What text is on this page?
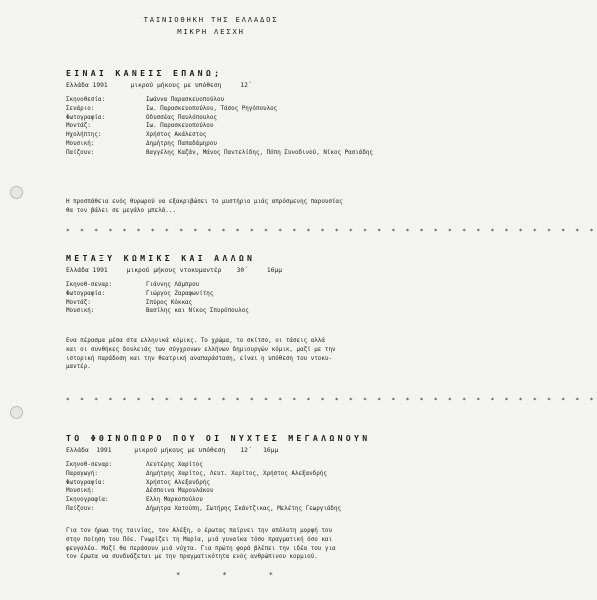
ΤΑΙΝΙΟΘΗΚΗ ΤΗΣ ΕΛΛΑΔΟΣ
ΜΙΚΡΗ ΛΕΣΧΗ
ΕΙΝΑΙ ΚΑΝΕΙΣ ΕΠΑΝΩ;
Ελλάδα 1991      μικρού μήκους με υπόθεση     12΄
Σκηνοθεσία:	Ιωάννα Παρασκευοπούλου
Σενάριο:	Ιω. Παρασκευοπούλου, Τάσος Ρηγόπουλος
Φωτογραφία:	Οδυσσέας Παυλόπουλος
Μοντάζ:	Ιω. Παρασκευοπούλου
Ηχολήπτης:	Χρήστος Ακάλεστος
Μουσική:	Δημήτρης Παπαδάμηρου
Παίζουν:	Βαγγέλης Καζάν, Μάνος Παντελίδης, Πόπη Συνοδινού, Νίκος Ρασιάδης
Η προσπάθεια ενός θυρωρού να εξακριβώσει το μυστήριο μιάς απρόσμενης παρουσίας
θα τον βάλει σε μεγάλο μπελά...
* * * * * * * * * * * * * * * * * * * * * * * * * * * * * * * * * * * * * *
ΜΕΤΑΞΥ ΚΩΜΙΚΣ ΚΑΙ ΑΛΛΩΝ
Ελλάδα 1991     μικρού μήκους ντοκυμαντέρ    30΄     16μμ
Σκηνοθ-σεναρ:	Γιάννης Λάμπρου
Φωτογραφία:	Γιώργος Ζαραφωνίτης
Μοντάζ:	Σπύρος Κόκκας
Μουσική:	Βασίλης και Νίκος Σπυρόπουλος
Ενα πέρασμα μέσα στα ελληνικά κόμικς. Το χρώμα, το σκίτσο, οι τάσεις αλλά
και οι συνθήκες δουλειάς των σύγχρονων ελλήνων δημιουργών κόμικ, μαζί με την
ιστορική παράδοση και την θεατρική αναπαράσταση, είναι η υπόθεση του ντοκυ-
μαντέρ.
* * * * * * * * * * * * * * * * * * * * * * * * * * * * * * * * * * * * * *
ΤΟ ΦΘΙΝΟΠΩΡΟ ΠΟΥ ΟΙ ΝΥΧΤΕΣ ΜΕΓΑΛΩΝΟΥΝ
Ελλάδα  1991      μικρού μήκους με υπόθεση    12΄   16μμ
Σκηνοθ-σεναρ:	Λευτέρης Χαρίτος
Παραγωγή:	Δημήτρης Χαρίτος, Λευτ. Χαρίτος, Χρήστος Αλεξανδρής
Φωτογραφία:	Χρήστος Αλεξανδρής
Μουσική:	Δέσποινα Μαρουλάκου
Σκηνογραφία:	Ελλη Μαρκοπούλου
Παίζουν:	Δήμητρα Χατούπη, Σωτήρης Σκάντζικας, Μελέτης Γεωργιάδης
Για τον ήρωα της ταινίας, τον Αλέξη, ο έρωτας παίρνει την απόλυτη μορφή του
στην ποίηση του Πόε. Γνωρίζει τη Μαρία, μιά γυναίκα τόσο πραγματική όσο και
φευγαλέα. Μαζί θα περάσουν μιά νύχτα. Για πρώτη φορά βλέπει την ιδέα του για
τον έρωτα να συνδυάζεται με την πραγματικότητα ενός ανθρώπινου κορμιού.
*          *          *
